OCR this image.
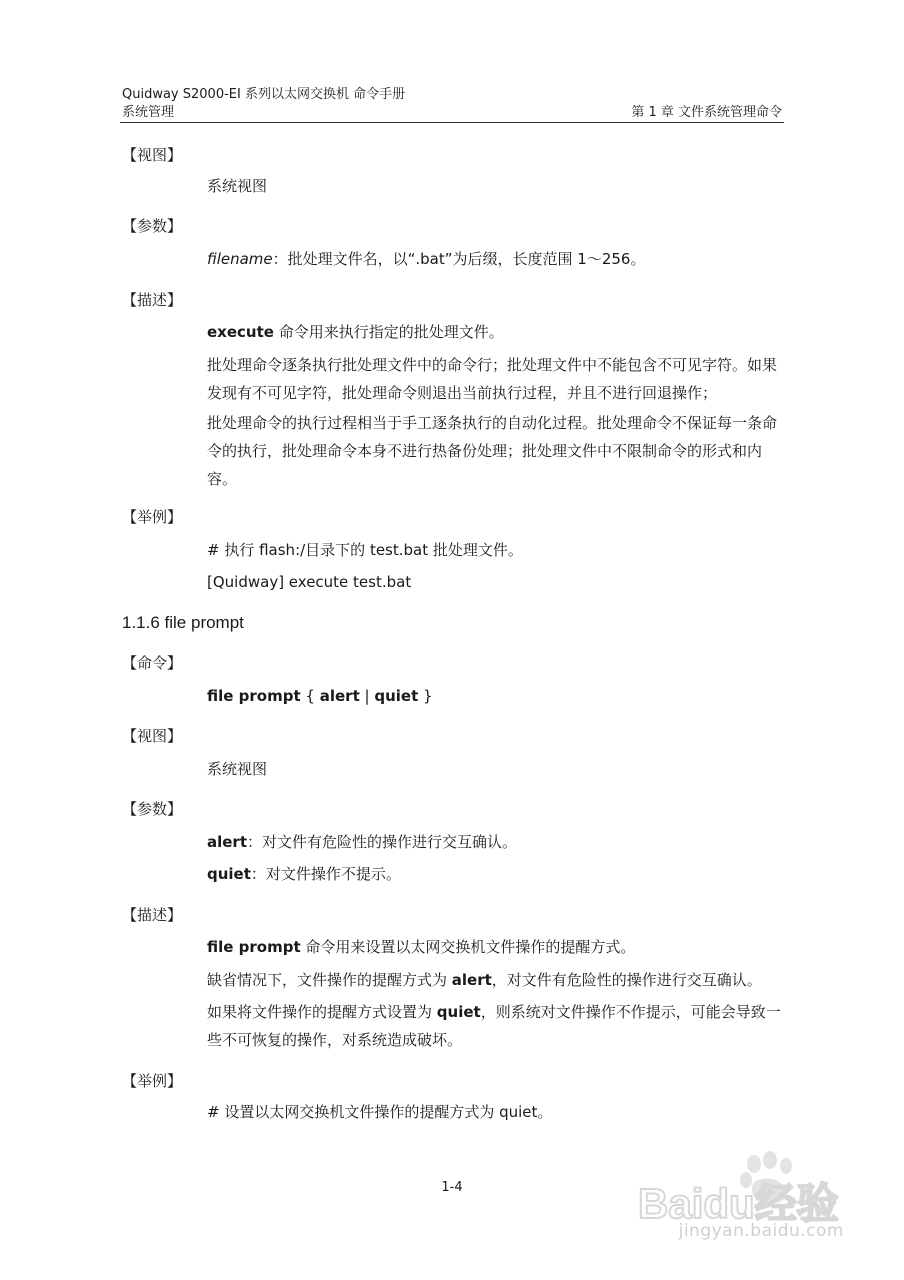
Quidway S2000-EI 系列以太网交换机 命令手册
系统管理	第 1 章 文件系统管理命令
【视图】
系统视图
【参数】
filename：批处理文件名，以“.bat”为后缀，长度范围 1～256。
【描述】
execute 命令用来执行指定的批处理文件。
批处理命令逐条执行批处理文件中的命令行；批处理文件中不能包含不可见字符。如果发现有不可见字符，批处理命令则退出当前执行过程，并且不进行回退操作；
批处理命令的执行过程相当于手工逐条执行的自动化过程。批处理命令不保证每一条命令的执行，批处理命令本身不进行热备份处理；批处理文件中不限制命令的形式和内容。
【举例】
# 执行 flash:/目录下的 test.bat 批处理文件。
[Quidway] execute test.bat
1.1.6 file prompt
【命令】
file prompt { alert | quiet }
【视图】
系统视图
【参数】
alert：对文件有危险性的操作进行交互确认。
quiet：对文件操作不提示。
【描述】
file prompt 命令用来设置以太网交换机文件操作的提醒方式。
缺省情况下，文件操作的提醒方式为 alert，对文件有危险性的操作进行交互确认。
如果将文件操作的提醒方式设置为 quiet，则系统对文件操作不作提示，可能会导致一些不可恢复的操作，对系统造成破坏。
【举例】
# 设置以太网交换机文件操作的提醒方式为 quiet。
1-4	Baidu经验
jingyan.baidu.com
